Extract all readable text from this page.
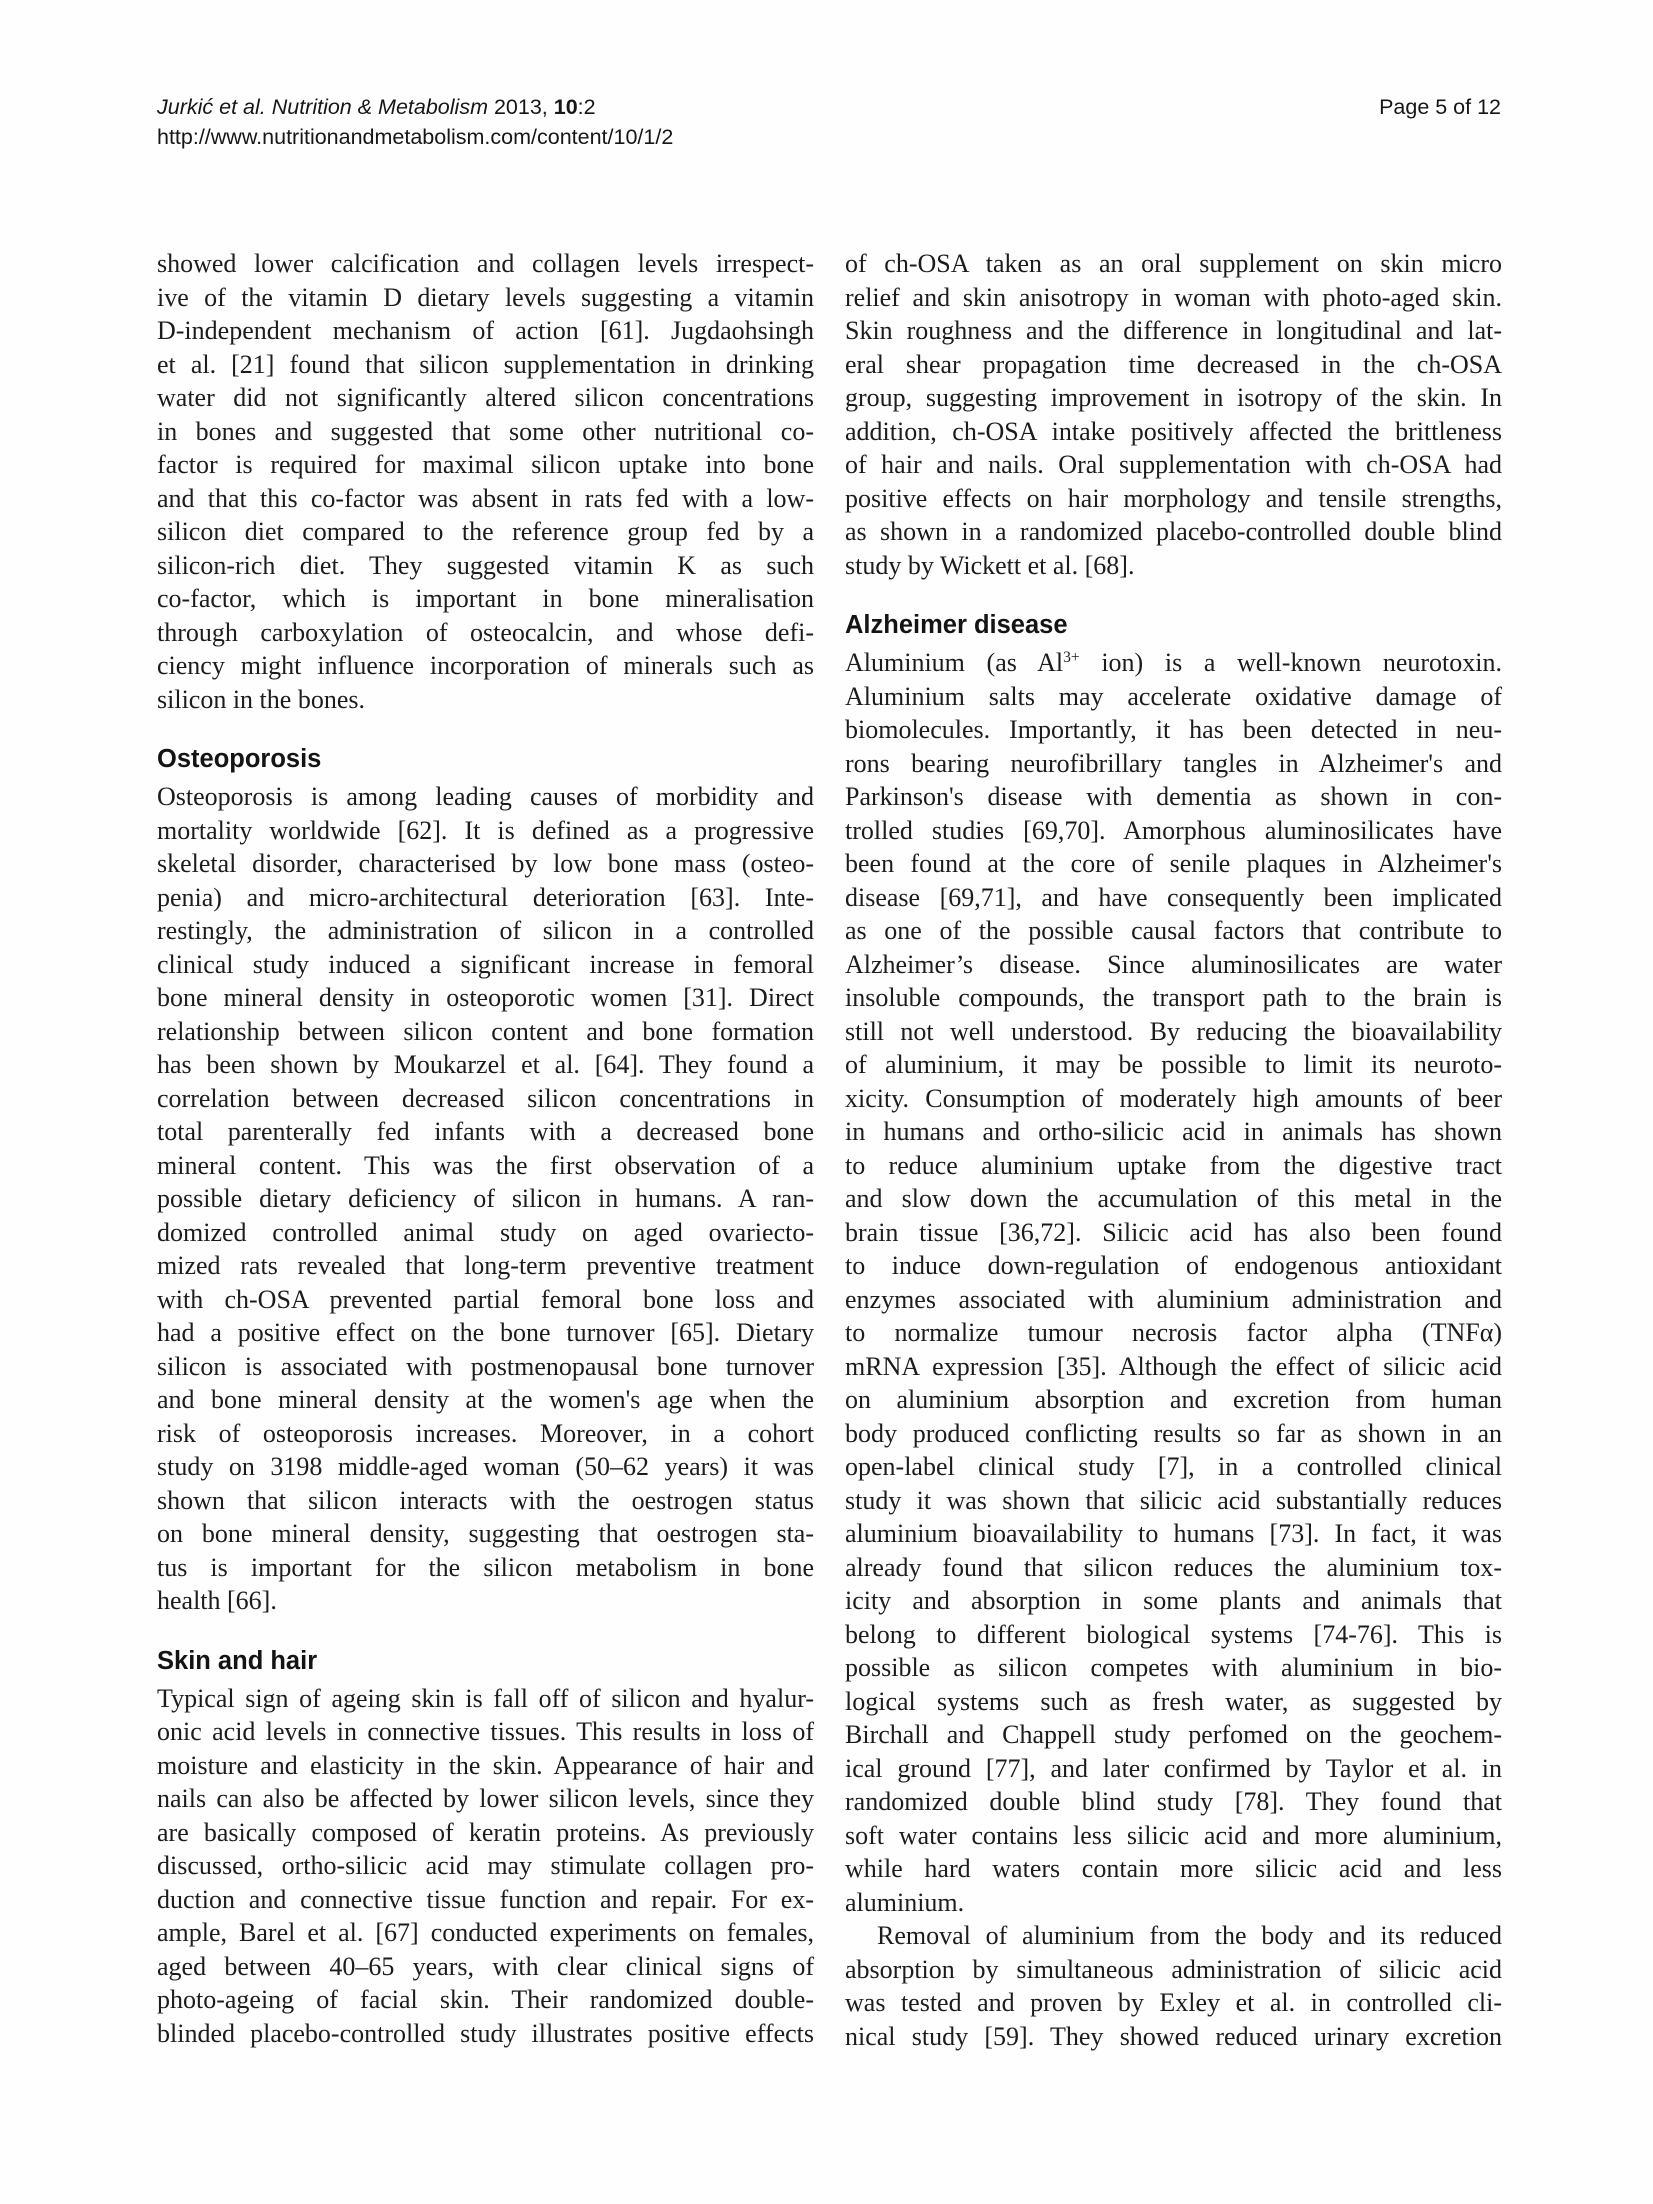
Jurkić et al. Nutrition & Metabolism 2013, 10:2	Page 5 of 12
http://www.nutritionandmetabolism.com/content/10/1/2
showed lower calcification and collagen levels irrespect-
ive of the vitamin D dietary levels suggesting a vitamin
D-independent mechanism of action [61]. Jugdaohsingh
et al. [21] found that silicon supplementation in drinking
water did not significantly altered silicon concentrations
in bones and suggested that some other nutritional co-
factor is required for maximal silicon uptake into bone
and that this co-factor was absent in rats fed with a low-
silicon diet compared to the reference group fed by a
silicon-rich diet. They suggested vitamin K as such
co-factor, which is important in bone mineralisation
through carboxylation of osteocalcin, and whose defi-
ciency might influence incorporation of minerals such as
silicon in the bones.
Osteoporosis
Osteoporosis is among leading causes of morbidity and
mortality worldwide [62]. It is defined as a progressive
skeletal disorder, characterised by low bone mass (osteo-
penia) and micro-architectural deterioration [63]. Inte-
restingly, the administration of silicon in a controlled
clinical study induced a significant increase in femoral
bone mineral density in osteoporotic women [31]. Direct
relationship between silicon content and bone formation
has been shown by Moukarzel et al. [64]. They found a
correlation between decreased silicon concentrations in
total parenterally fed infants with a decreased bone
mineral content. This was the first observation of a
possible dietary deficiency of silicon in humans. A ran-
domized controlled animal study on aged ovariecto-
mized rats revealed that long-term preventive treatment
with ch-OSA prevented partial femoral bone loss and
had a positive effect on the bone turnover [65]. Dietary
silicon is associated with postmenopausal bone turnover
and bone mineral density at the women's age when the
risk of osteoporosis increases. Moreover, in a cohort
study on 3198 middle-aged woman (50–62 years) it was
shown that silicon interacts with the oestrogen status
on bone mineral density, suggesting that oestrogen sta-
tus is important for the silicon metabolism in bone
health [66].
Skin and hair
Typical sign of ageing skin is fall off of silicon and hyalur-
onic acid levels in connective tissues. This results in loss of
moisture and elasticity in the skin. Appearance of hair and
nails can also be affected by lower silicon levels, since they
are basically composed of keratin proteins. As previously
discussed, ortho-silicic acid may stimulate collagen pro-
duction and connective tissue function and repair. For ex-
ample, Barel et al. [67] conducted experiments on females,
aged between 40–65 years, with clear clinical signs of
photo-ageing of facial skin. Their randomized double-
blinded placebo-controlled study illustrates positive effects
of ch-OSA taken as an oral supplement on skin micro
relief and skin anisotropy in woman with photo-aged skin.
Skin roughness and the difference in longitudinal and lat-
eral shear propagation time decreased in the ch-OSA
group, suggesting improvement in isotropy of the skin. In
addition, ch-OSA intake positively affected the brittleness
of hair and nails. Oral supplementation with ch-OSA had
positive effects on hair morphology and tensile strengths,
as shown in a randomized placebo-controlled double blind
study by Wickett et al. [68].
Alzheimer disease
Aluminium (as $Al^{3+}$ ion) is a well-known neurotoxin.
Aluminium salts may accelerate oxidative damage of
biomolecules. Importantly, it has been detected in neu-
rons bearing neurofibrillary tangles in Alzheimer's and
Parkinson's disease with dementia as shown in con-
trolled studies [69,70]. Amorphous aluminosilicates have
been found at the core of senile plaques in Alzheimer's
disease [69,71], and have consequently been implicated
as one of the possible causal factors that contribute to
Alzheimer’s disease. Since aluminosilicates are water
insoluble compounds, the transport path to the brain is
still not well understood. By reducing the bioavailability
of aluminium, it may be possible to limit its neuroto-
xicity. Consumption of moderately high amounts of beer
in humans and ortho-silicic acid in animals has shown
to reduce aluminium uptake from the digestive tract
and slow down the accumulation of this metal in the
brain tissue [36,72]. Silicic acid has also been found
to induce down-regulation of endogenous antioxidant
enzymes associated with aluminium administration and
to normalize tumour necrosis factor alpha (TNFα)
mRNA expression [35]. Although the effect of silicic acid
on aluminium absorption and excretion from human
body produced conflicting results so far as shown in an
open-label clinical study [7], in a controlled clinical
study it was shown that silicic acid substantially reduces
aluminium bioavailability to humans [73]. In fact, it was
already found that silicon reduces the aluminium tox-
icity and absorption in some plants and animals that
belong to different biological systems [74-76]. This is
possible as silicon competes with aluminium in bio-
logical systems such as fresh water, as suggested by
Birchall and Chappell study perfomed on the geochem-
ical ground [77], and later confirmed by Taylor et al. in
randomized double blind study [78]. They found that
soft water contains less silicic acid and more aluminium,
while hard waters contain more silicic acid and less
aluminium.
Removal of aluminium from the body and its reduced
absorption by simultaneous administration of silicic acid
was tested and proven by Exley et al. in controlled cli-
nical study [59]. They showed reduced urinary excretion
